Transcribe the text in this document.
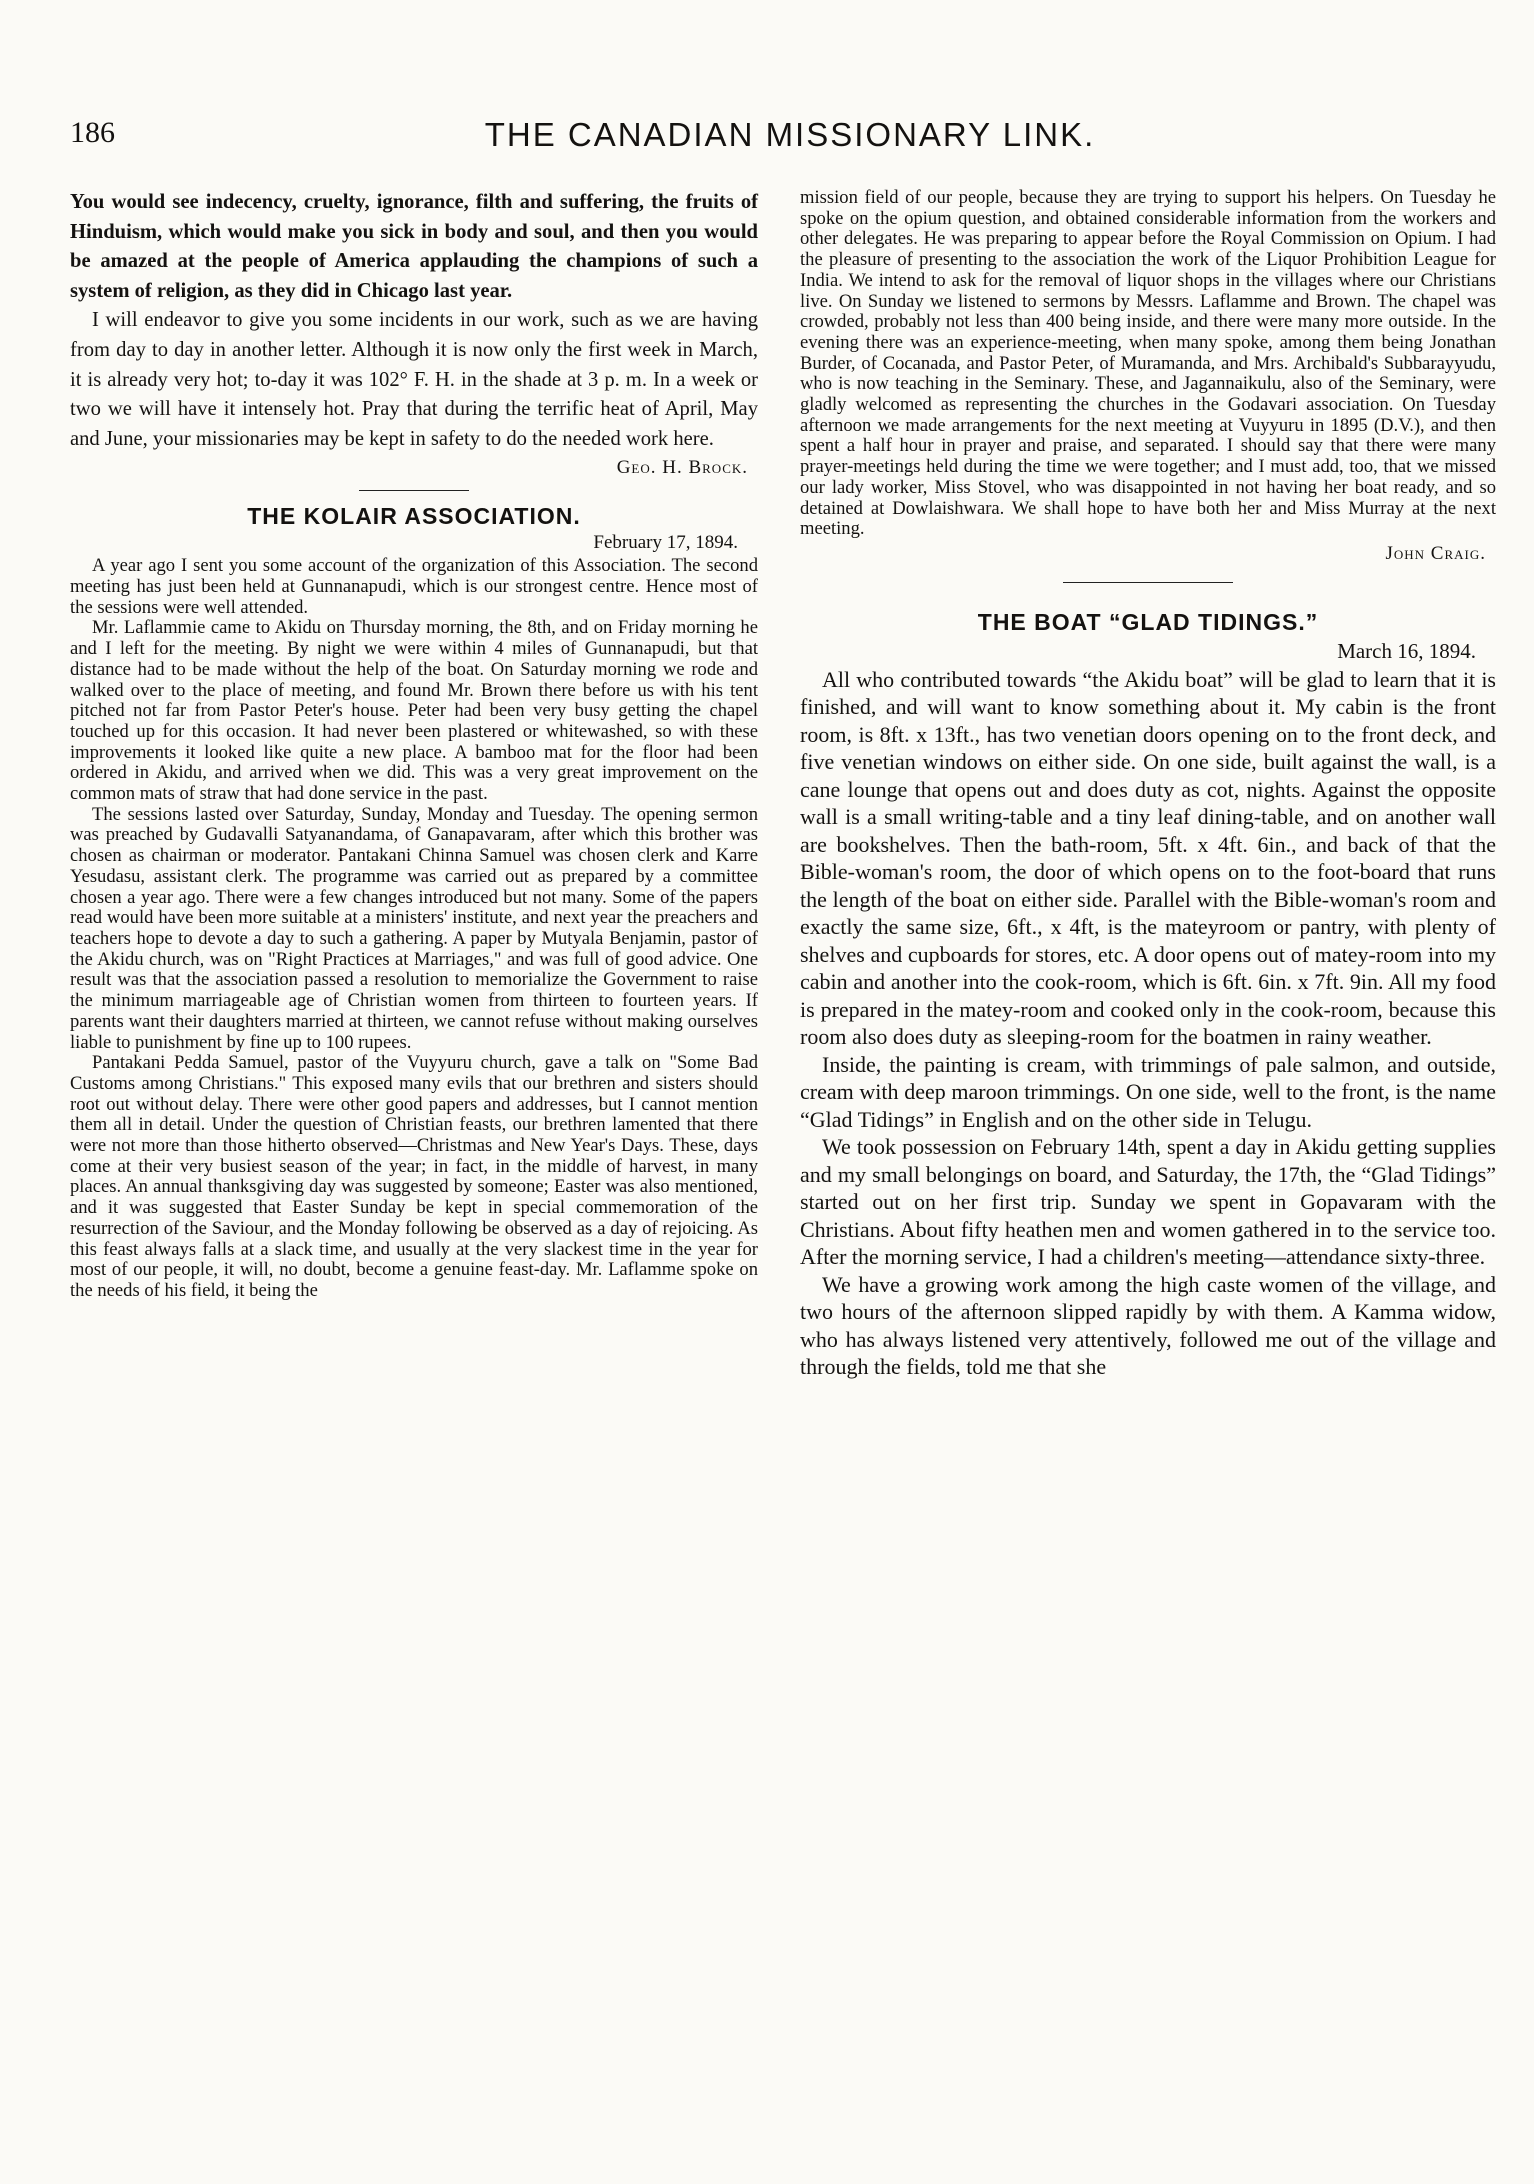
186	THE CANADIAN MISSIONARY LINK.

You would see indecency, cruelty, ignorance, filth and suffering, the fruits of Hinduism, which would make you sick in body and soul, and then you would be amazed at the people of America applauding the champions of such a system of religion, as they did in Chicago last year.

I will endeavor to give you some incidents in our work, such as we are having from day to day in another letter. Although it is now only the first week in March, it is already very hot; to-day it was 102° F. H. in the shade at 3 p. m. In a week or two we will have it intensely hot. Pray that during the terrific heat of April, May and June, your missionaries may be kept in safety to do the needed work here.

Geo. H. Brock.
THE KOLAIR ASSOCIATION.
February 17, 1894.

A year ago I sent you some account of the organization of this Association. The second meeting has just been held at Gunnanapudi, which is our strongest centre. Hence most of the sessions were well attended.

Mr. Laflammie came to Akidu on Thursday morning, the 8th, and on Friday morning he and I left for the meeting. By night we were within 4 miles of Gunnanapudi, but that distance had to be made without the help of the boat. On Saturday morning we rode and walked over to the place of meeting, and found Mr. Brown there before us with his tent pitched not far from Pastor Peter's house. Peter had been very busy getting the chapel touched up for this occasion. It had never been plastered or whitewashed, so with these improvements it looked like quite a new place. A bamboo mat for the floor had been ordered in Akidu, and arrived when we did. This was a very great improvement on the common mats of straw that had done service in the past.

The sessions lasted over Saturday, Sunday, Monday and Tuesday. The opening sermon was preached by Gudavalli Satyanandama, of Ganapavaram, after which this brother was chosen as chairman or moderator. Pantakani Chinna Samuel was chosen clerk and Karre Yesudasu, assistant clerk. The programme was carried out as prepared by a committee chosen a year ago. There were a few changes introduced but not many. Some of the papers read would have been more suitable at a ministers' institute, and next year the preachers and teachers hope to devote a day to such a gathering. A paper by Mutyala Benjamin, pastor of the Akidu church, was on "Right Practices at Marriages," and was full of good advice. One result was that the association passed a resolution to memorialize the Government to raise the minimum marriageable age of Christian women from thirteen to fourteen years. If parents want their daughters married at thirteen, we cannot refuse without making ourselves liable to punishment by fine up to 100 rupees.

Pantakani Pedda Samuel, pastor of the Vuyyuru church, gave a talk on "Some Bad Customs among Christians." This exposed many evils that our brethren and sisters should root out without delay. There were other good papers and addresses, but I cannot mention them all in detail. Under the question of Christian feasts, our brethren lamented that there were not more than those hitherto observed—Christmas and New Year's Days. These, days come at their very busiest season of the year; in fact, in the middle of harvest, in many places. An annual thanksgiving day was suggested by someone; Easter was also mentioned, and it was suggested that Easter Sunday be kept in special commemoration of the resurrection of the Saviour, and the Monday following be observed as a day of rejoicing. As this feast always falls at a slack time, and usually at the very slackest time in the year for most of our people, it will, no doubt, become a genuine feast-day. Mr. Laflamme spoke on the needs of his field, it being the

mission field of our people, because they are trying to support his helpers. On Tuesday he spoke on the opium question, and obtained considerable information from the workers and other delegates. He was preparing to appear before the Royal Commission on Opium. I had the pleasure of presenting to the association the work of the Liquor Prohibition League for India. We intend to ask for the removal of liquor shops in the villages where our Christians live. On Sunday we listened to sermons by Messrs. Laflamme and Brown. The chapel was crowded, probably not less than 400 being inside, and there were many more outside. In the evening there was an experience-meeting, when many spoke, among them being Jonathan Burder, of Cocanada, and Pastor Peter, of Muramanda, and Mrs. Archibald's Subbarayyudu, who is now teaching in the Seminary. These, and Jagannaikulu, also of the Seminary, were gladly welcomed as representing the churches in the Godavari association. On Tuesday afternoon we made arrangements for the next meeting at Vuyyuru in 1895 (D.V.), and then spent a half hour in prayer and praise, and separated. I should say that there were many prayer-meetings held during the time we were together; and I must add, too, that we missed our lady worker, Miss Stovel, who was disappointed in not having her boat ready, and so detained at Dowlaishwara. We shall hope to have both her and Miss Murray at the next meeting.

John Craig.
THE BOAT “GLAD TIDINGS.”
March 16, 1894.

All who contributed towards “the Akidu boat” will be glad to learn that it is finished, and will want to know something about it. My cabin is the front room, is 8ft. x 13ft., has two venetian doors opening on to the front deck, and five venetian windows on either side. On one side, built against the wall, is a cane lounge that opens out and does duty as cot, nights. Against the opposite wall is a small writing-table and a tiny leaf dining-table, and on another wall are bookshelves. Then the bath-room, 5ft. x 4ft. 6in., and back of that the Bible-woman's room, the door of which opens on to the foot-board that runs the length of the boat on either side. Parallel with the Bible-woman's room and exactly the same size, 6ft., x 4ft, is the mateyroom or pantry, with plenty of shelves and cupboards for stores, etc. A door opens out of matey-room into my cabin and another into the cook-room, which is 6ft. 6in. x 7ft. 9in. All my food is prepared in the matey-room and cooked only in the cook-room, because this room also does duty as sleeping-room for the boatmen in rainy weather.

Inside, the painting is cream, with trimmings of pale salmon, and outside, cream with deep maroon trimmings. On one side, well to the front, is the name “Glad Tidings” in English and on the other side in Telugu.

We took possession on February 14th, spent a day in Akidu getting supplies and my small belongings on board, and Saturday, the 17th, the “Glad Tidings” started out on her first trip. Sunday we spent in Gopavaram with the Christians. About fifty heathen men and women gathered in to the service too. After the morning service, I had a children's meeting—attendance sixty-three.

We have a growing work among the high caste women of the village, and two hours of the afternoon slipped rapidly by with them. A Kamma widow, who has always listened very attentively, followed me out of the village and through the fields, told me that she
